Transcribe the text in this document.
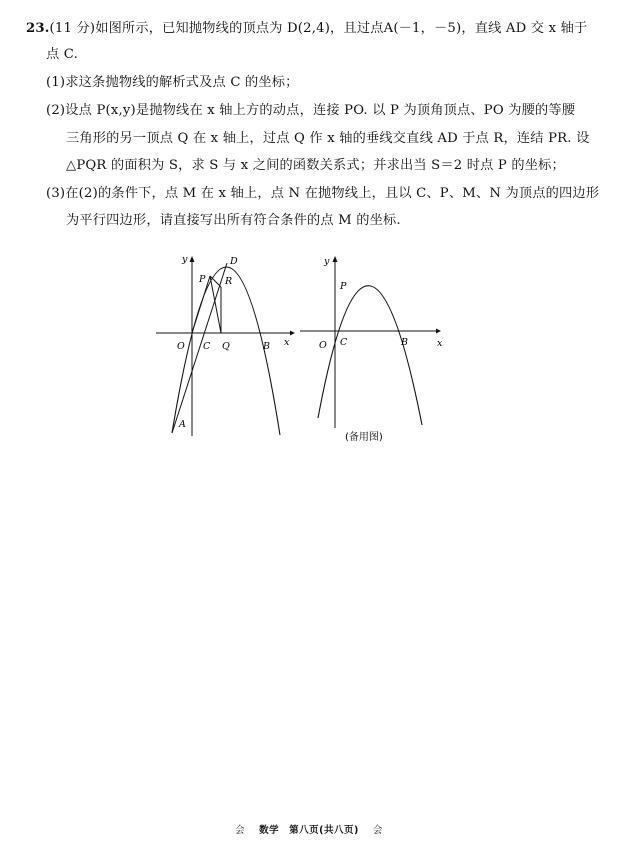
23.(11 分)如图所示，已知抛物线的顶点为 D(2,4)，且过点A(－1，－5)，直线 AD 交 x 轴于
点 C.
(1)求这条抛物线的解析式及点 C 的坐标；
(2)设点 P(x,y)是抛物线在 x 轴上方的动点，连接 PO. 以 P 为顶角顶点、PO 为腰的等腰
三角形的另一顶点 Q 在 x 轴上，过点 Q 作 x 轴的垂线交直线 AD 于点 R，连结 PR. 设
△PQR 的面积为 S，求 S 与 x 之间的函数关系式；并求出当 S＝2 时点 P 的坐标；
(3)在(2)的条件下，点 M 在 x 轴上，点 N 在抛物线上，且以 C、P、M、N 为顶点的四边形
为平行四边形，请直接写出所有符合条件的点 M 的坐标.
y	D
P R
O C Q	B x
A
y
P
O C	B	x
(备用图)
会 数学　第八页(共八页) 会
